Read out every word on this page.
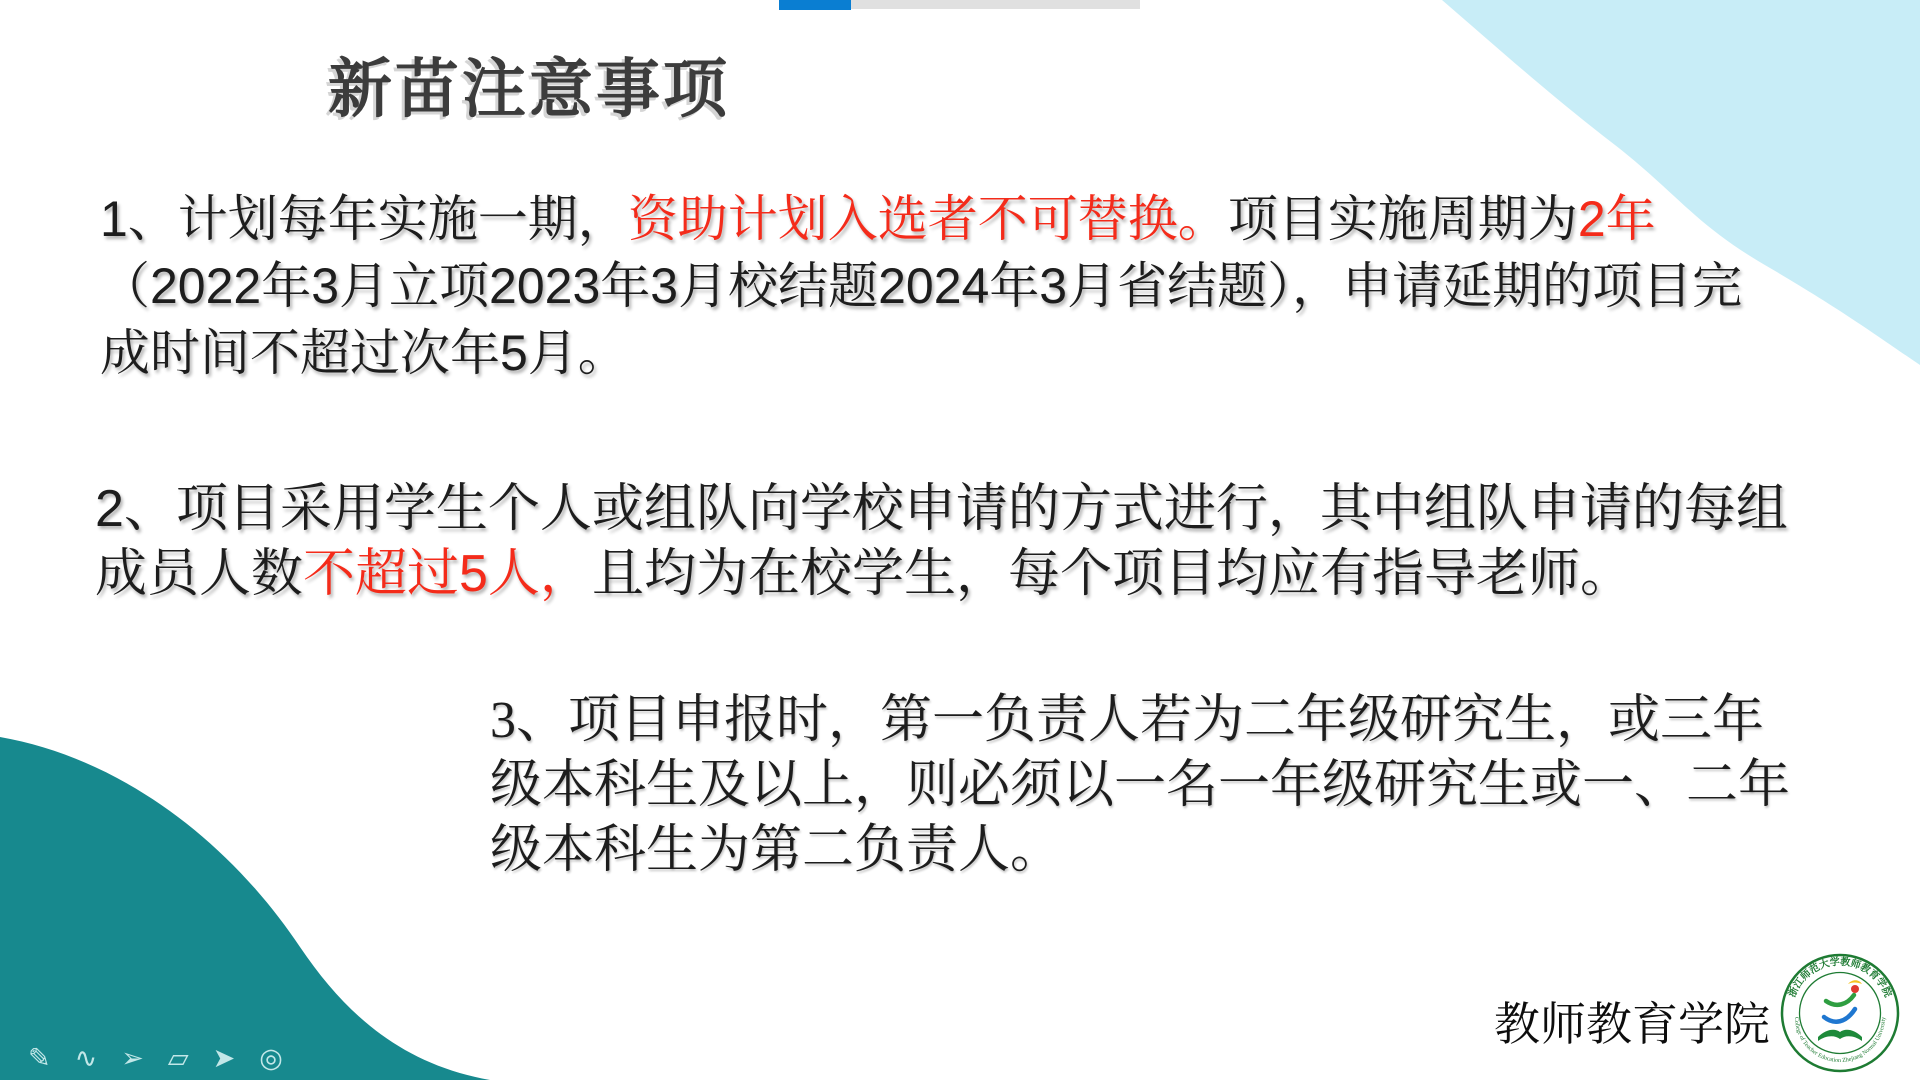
新苗注意事项
1、计划每年实施一期，资助计划入选者不可替换。项目实施周期为2年
（2022年3月立项2023年3月校结题2024年3月省结题），申请延期的项目完
成时间不超过次年5月。
2、项目采用学生个人或组队向学校申请的方式进行，其中组队申请的每组
成员人数不超过5人，且均为在校学生，每个项目均应有指导老师。
3、项目申报时，第一负责人若为二年级研究生，或三年
级本科生及以上，则必须以一名一年级研究生或一、二年
级本科生为第二负责人。
✎ ∿ ➢ ▱ ➤ ◎
教师教育学院
浙江师范大学教师教育学院
College of Teacher Education Zhejiang Normal University
